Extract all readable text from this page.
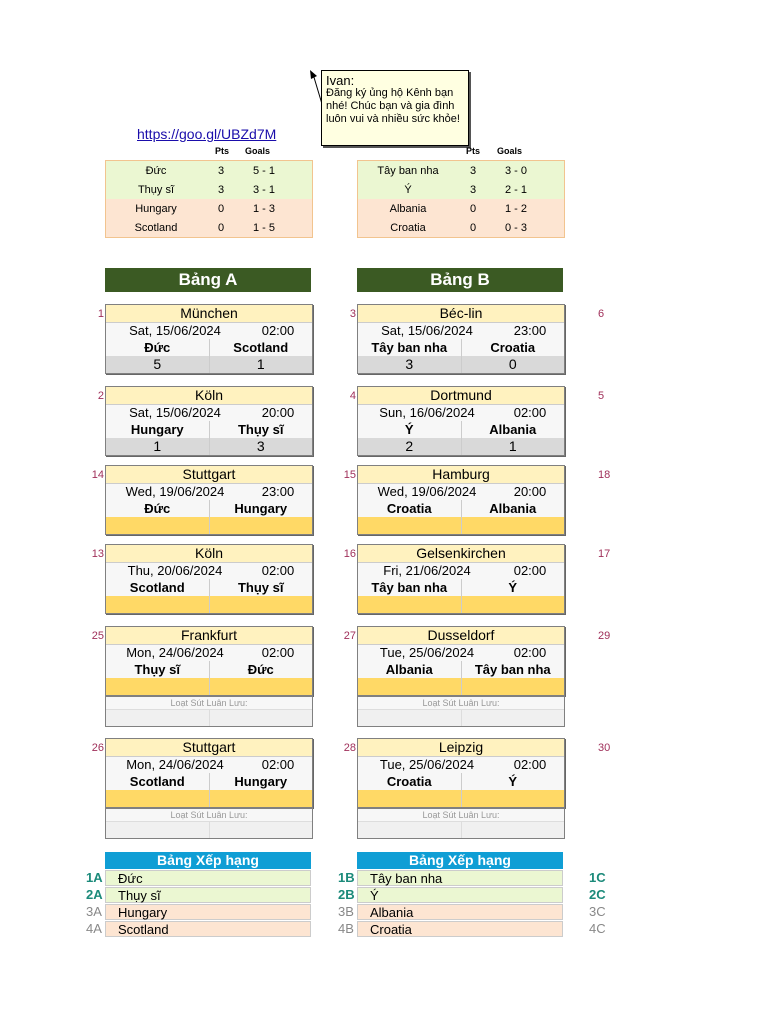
Ivan:
Đăng ký ủng hộ Kênh bạn nhé! Chúc bạn và gia đình luôn vui và nhiều sức khỏe!
https://goo.gl/UBZd7M
Pts Goals	Pts Goals
Đức	3	5 - 1
Thụy sĩ	3	3 - 1
Hungary	0	1 - 3
Scotland	0	1 - 5
Tây ban nha	3	3 - 0
Ý	3	2 - 1
Albania	0	1 - 2
Croatia	0	0 - 3
Bảng A	Bảng B
München
Sat, 15/06/2024	02:00
Đức	Scotland
5	1
1	Béc-lin
Sat, 15/06/2024	23:00
Tây ban nha	Croatia
3	0
3	6
Köln
Sat, 15/06/2024	20:00
Hungary	Thụy sĩ
1	3
2	Dortmund
Sun, 16/06/2024	02:00
Ý	Albania
2	1
4	5
Stuttgart
Wed, 19/06/2024	23:00
Đức	Hungary
14	Hamburg
Wed, 19/06/2024	20:00
Croatia	Albania
15	18
Köln
Thu, 20/06/2024	02:00
Scotland	Thụy sĩ
13	Gelsenkirchen
Fri, 21/06/2024	02:00
Tây ban nha	Ý
16	17
Frankfurt
Mon, 24/06/2024	02:00
Thụy sĩ	Đức
25
Loạt Sút Luân Lưu:
Dusseldorf
Tue, 25/06/2024	02:00
Albania	Tây ban nha
27	29
Loạt Sút Luân Lưu:
Stuttgart
Mon, 24/06/2024	02:00
Scotland	Hungary
26
Loạt Sút Luân Lưu:
Leipzig
Tue, 25/06/2024	02:00
Croatia	Ý
28	30
Loạt Sút Luân Lưu:
Bảng Xếp hạng	Bảng Xếp hạng
Đức
1A
Thụy sĩ
2A
Hungary
3A
Scotland
4A
Tây ban nha
1B	1C
Ý
2B	2C
Albania
3B	3C
Croatia
4B	4C
